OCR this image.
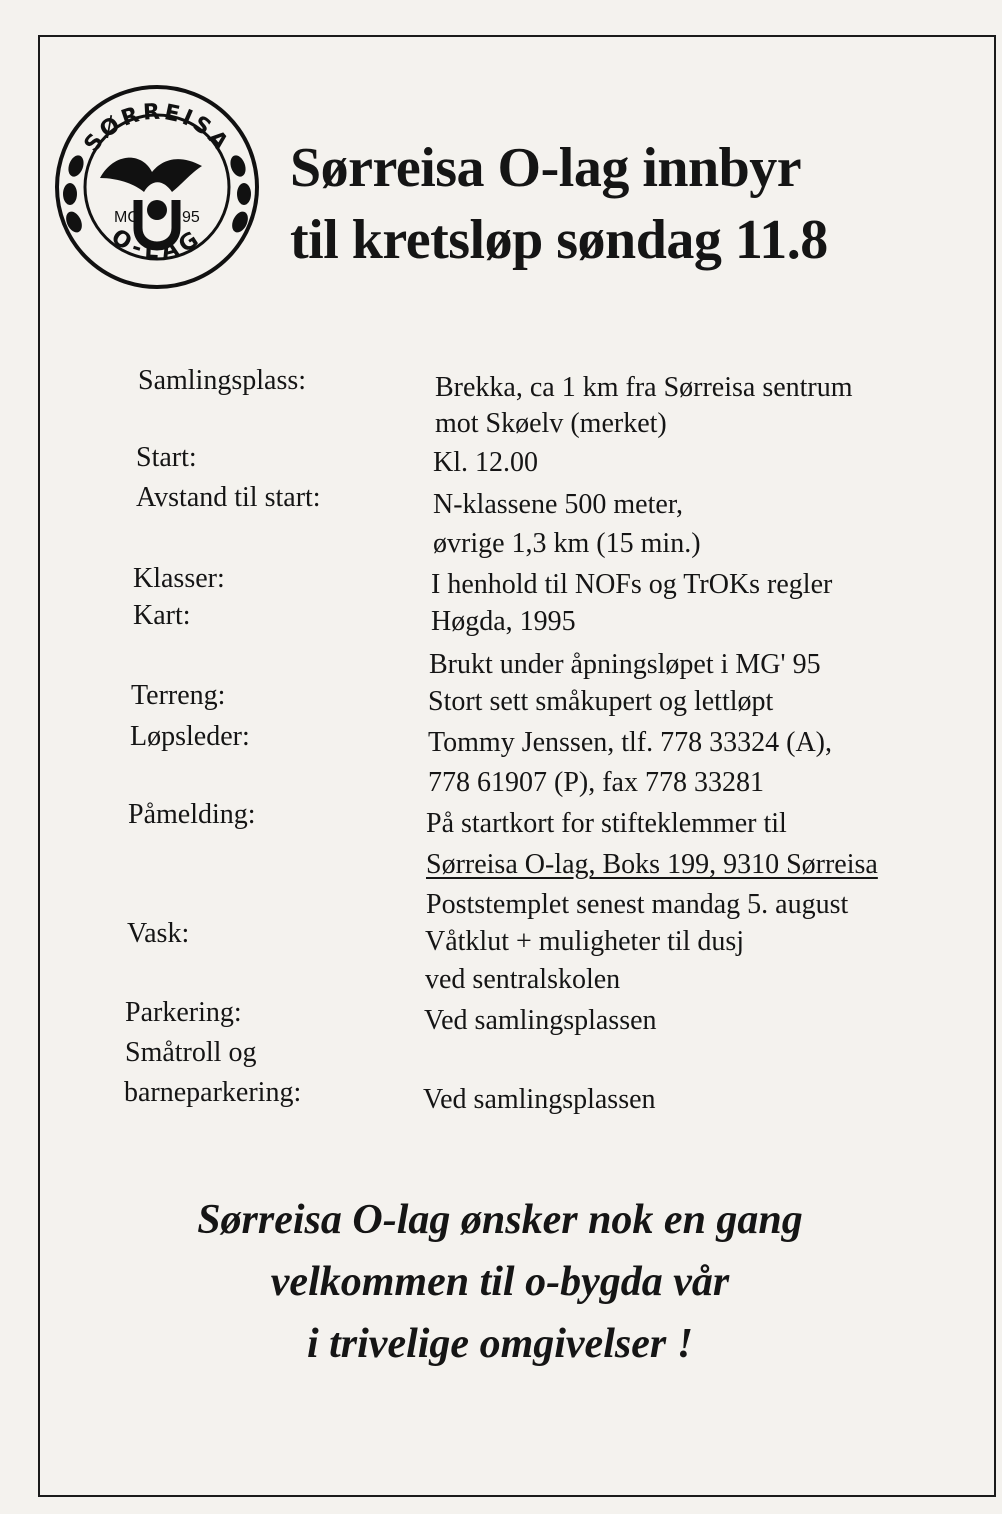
SØRREISA
O-LAG
MG	95
Sørreisa O-lag innbyr
til kretsløp søndag 11.8
Samlingsplass:	Brekka, ca 1 km fra Sørreisa sentrum
mot Skøelv (merket)
Start:	Kl. 12.00
Avstand til start:	N-klassene 500 meter,
øvrige 1,3 km (15 min.)
Klasser:	I henhold til NOFs og TrOKs regler
Kart:	Høgda, 1995
Brukt under åpningsløpet i MG' 95
Terreng:	Stort sett småkupert og lettløpt
Løpsleder:	Tommy Jenssen, tlf. 778 33324 (A),
778 61907 (P), fax 778 33281
Påmelding:	På startkort for stifteklemmer til
Sørreisa O-lag, Boks 199, 9310 Sørreisa
Poststemplet senest mandag 5. august
Vask:	Våtklut + muligheter til dusj
ved sentralskolen
Parkering:	Ved samlingsplassen
Småtroll og
barneparkering:	Ved samlingsplassen
Sørreisa O-lag ønsker nok en gang
velkommen til o-bygda vår
i trivelige omgivelser !
